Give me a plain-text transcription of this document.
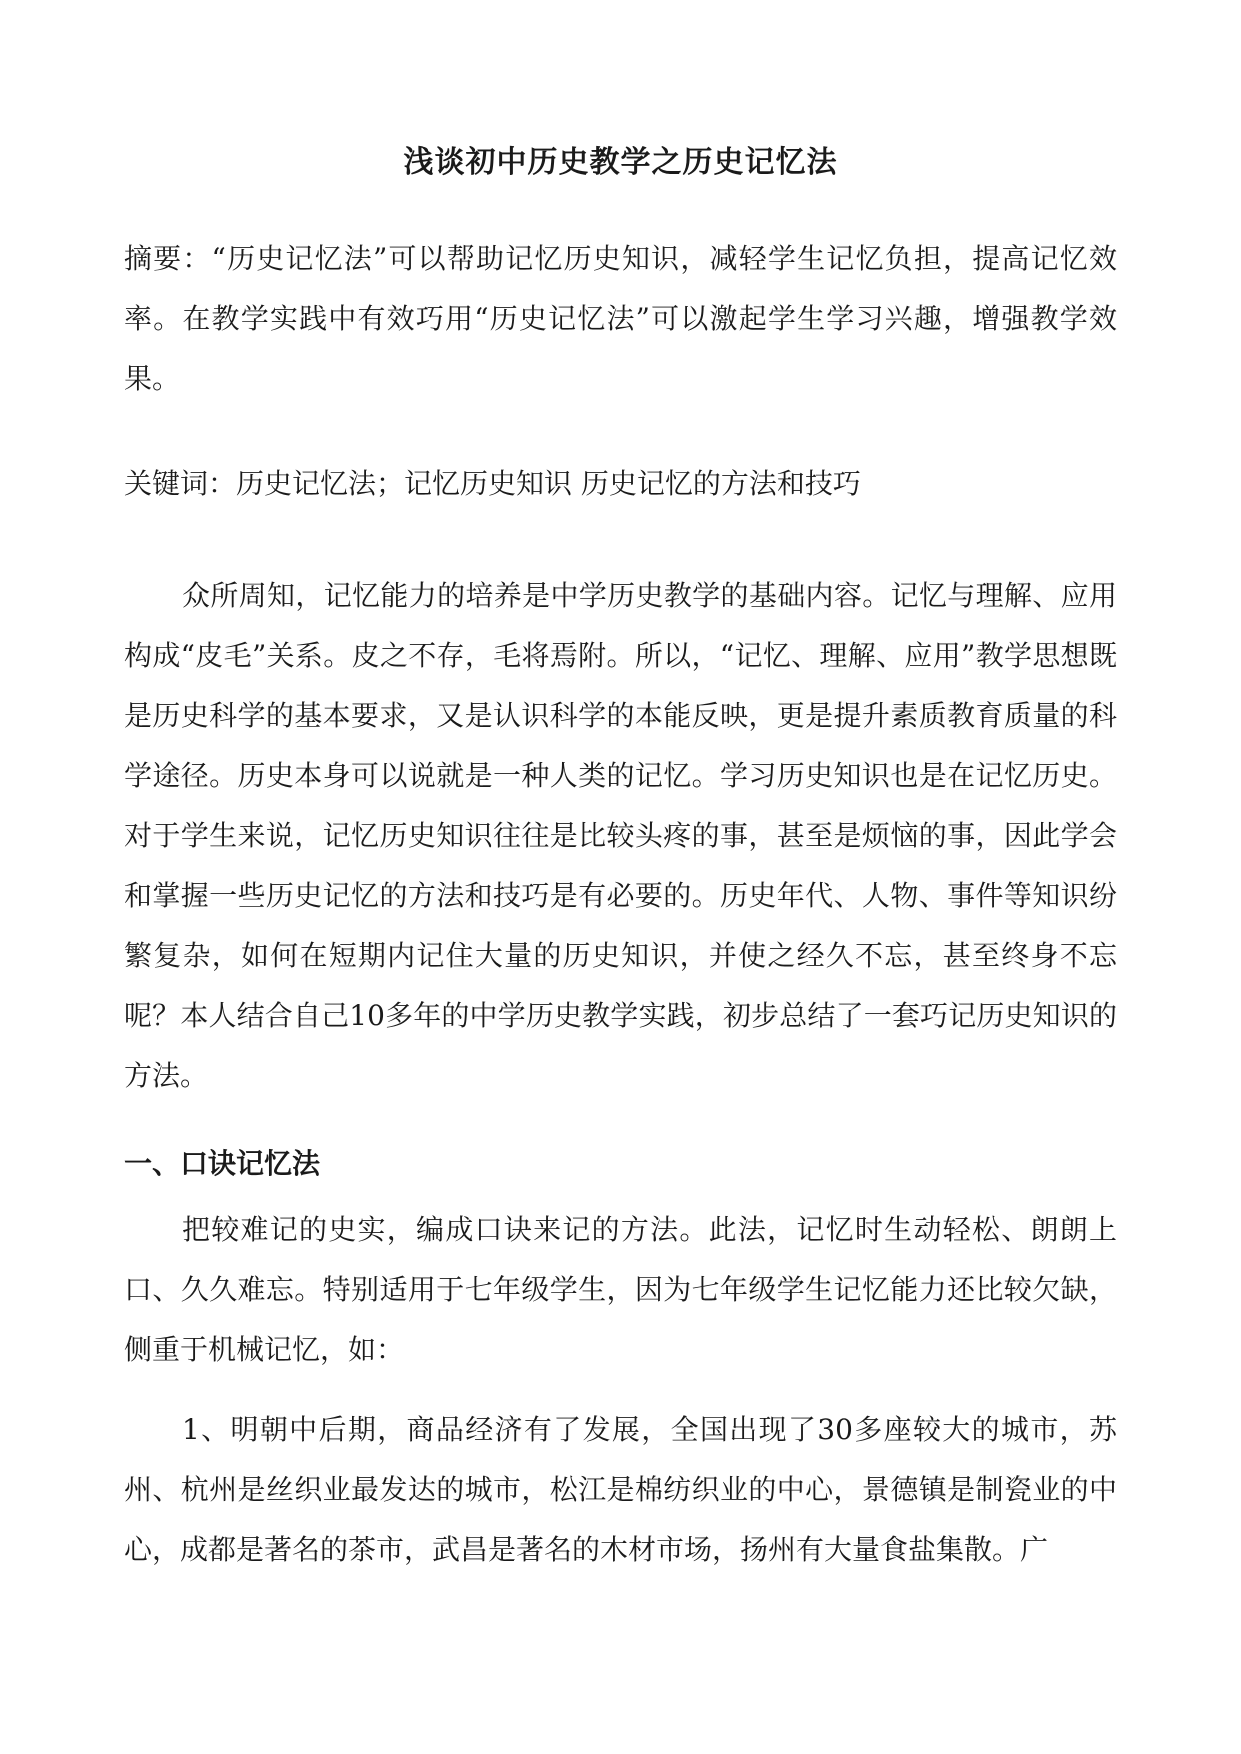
浅谈初中历史教学之历史记忆法
摘要：“历史记忆法”可以帮助记忆历史知识，减轻学生记忆负担，提高记忆效率。在教学实践中有效巧用“历史记忆法”可以激起学生学习兴趣，增强教学效果。
关键词：历史记忆法；记忆历史知识 历史记忆的方法和技巧
众所周知，记忆能力的培养是中学历史教学的基础内容。记忆与理解、应用构成“皮毛”关系。皮之不存，毛将焉附。所以，“记忆、理解、应用”教学思想既是历史科学的基本要求，又是认识科学的本能反映，更是提升素质教育质量的科学途径。历史本身可以说就是一种人类的记忆。学习历史知识也是在记忆历史。对于学生来说，记忆历史知识往往是比较头疼的事，甚至是烦恼的事，因此学会和掌握一些历史记忆的方法和技巧是有必要的。历史年代、人物、事件等知识纷繁复杂，如何在短期内记住大量的历史知识，并使之经久不忘，甚至终身不忘呢？本人结合自己10多年的中学历史教学实践，初步总结了一套巧记历史知识的方法。
一、口诀记忆法
把较难记的史实，编成口诀来记的方法。此法，记忆时生动轻松、朗朗上口、久久难忘。特别适用于七年级学生，因为七年级学生记忆能力还比较欠缺，侧重于机械记忆，如：
1、明朝中后期，商品经济有了发展，全国出现了30多座较大的城市，苏州、杭州是丝织业最发达的城市，松江是棉纺织业的中心，景德镇是制瓷业的中心，成都是著名的茶市，武昌是著名的木材市场，扬州有大量食盐集散。广
